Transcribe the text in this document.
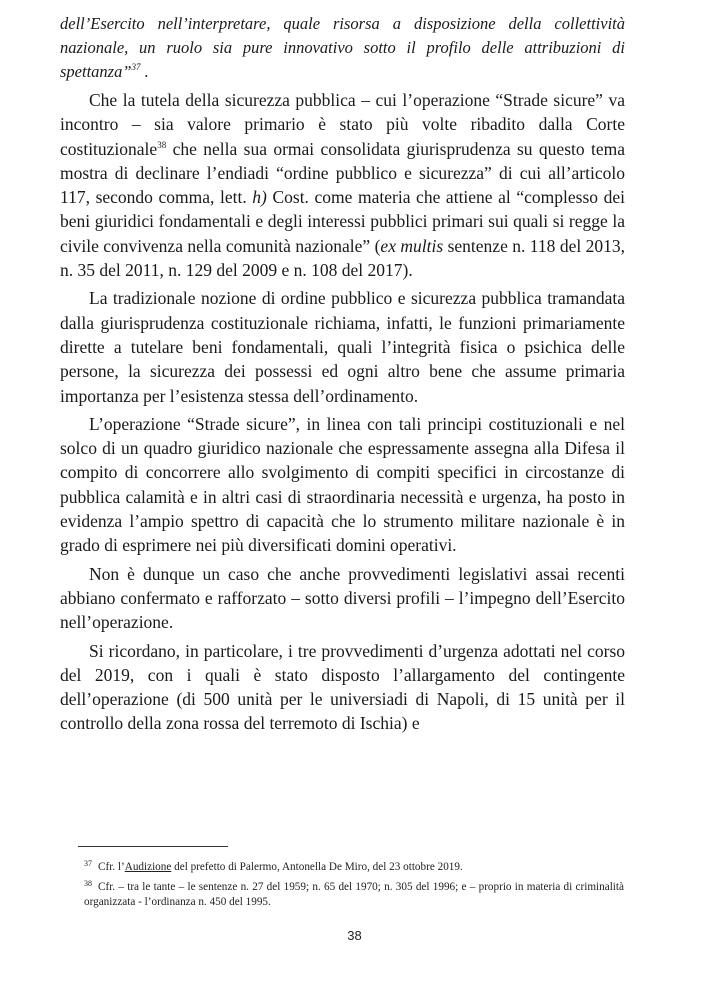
dell’Esercito nell’interpretare, quale risorsa a disposizione della collettività nazionale, un ruolo sia pure innovativo sotto il profilo delle attribuzioni di spettanza”$^{37}$ .

Che la tutela della sicurezza pubblica – cui l’operazione “Strade sicure” va incontro – sia valore primario è stato più volte ribadito dalla Corte costituzionale$^{38}$ che nella sua ormai consolidata giurisprudenza su questo tema mostra di declinare l’endiadi “ordine pubblico e sicurezza” di cui all’articolo 117, secondo comma, lett. h) Cost. come materia che attiene al “complesso dei beni giuridici fondamentali e degli interessi pubblici primari sui quali si regge la civile convivenza nella comunità nazionale” (ex multis sentenze n. 118 del 2013, n. 35 del 2011, n. 129 del 2009 e n. 108 del 2017).

La tradizionale nozione di ordine pubblico e sicurezza pubblica tramandata dalla giurisprudenza costituzionale richiama, infatti, le funzioni primariamente dirette a tutelare beni fondamentali, quali l’integrità fisica o psichica delle persone, la sicurezza dei possessi ed ogni altro bene che assume primaria importanza per l’esistenza stessa dell’ordinamento.

L’operazione “Strade sicure”, in linea con tali principi costituzionali e nel solco di un quadro giuridico nazionale che espressamente assegna alla Difesa il compito di concorrere allo svolgimento di compiti specifici in circostanze di pubblica calamità e in altri casi di straordinaria necessità e urgenza, ha posto in evidenza l’ampio spettro di capacità che lo strumento militare nazionale è in grado di esprimere nei più diversificati domini operativi.

Non è dunque un caso che anche provvedimenti legislativi assai recenti abbiano confermato e rafforzato – sotto diversi profili – l’impegno dell’Esercito nell’operazione.

Si ricordano, in particolare, i tre provvedimenti d’urgenza adottati nel corso del 2019, con i quali è stato disposto l’allargamento del contingente dell’operazione (di 500 unità per le universiadi di Napoli, di 15 unità per il controllo della zona rossa del terremoto di Ischia) e

$^{37}$ Cfr. l’Audizione del prefetto di Palermo, Antonella De Miro, del 23 ottobre 2019.

$^{38}$ Cfr. – tra le tante – le sentenze n. 27 del 1959; n. 65 del 1970; n. 305 del 1996; e – proprio in materia di criminalità organizzata - l’ordinanza n. 450 del 1995.

38
